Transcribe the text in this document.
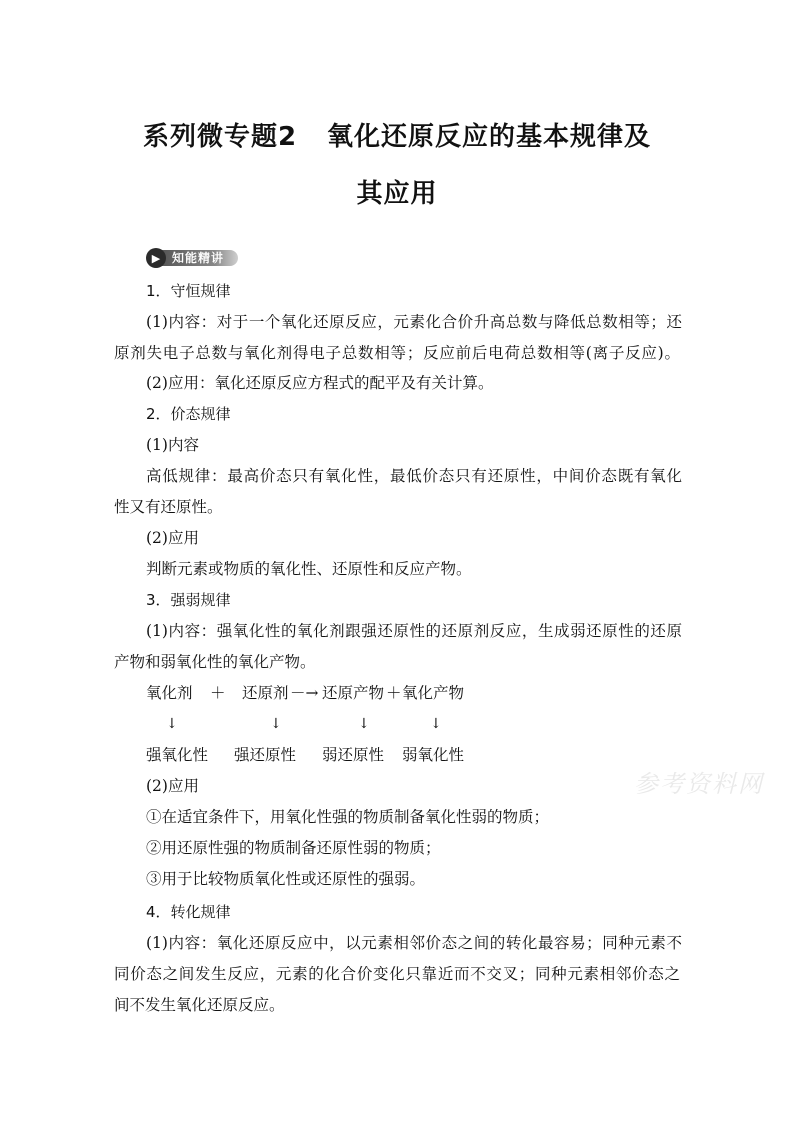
系列微专题2 氧化还原反应的基本规律及
其应用
▶ 知能精讲
1．守恒规律
(1)内容：对于一个氧化还原反应，元素化合价升高总数与降低总数相等；还
原剂失电子总数与氧化剂得电子总数相等；反应前后电荷总数相等(离子反应)。
(2)应用：氧化还原反应方程式的配平及有关计算。
2．价态规律
(1)内容
高低规律：最高价态只有氧化性，最低价态只有还原性，中间价态既有氧化
性又有还原性。
(2)应用
判断元素或物质的氧化性、还原性和反应产物。
3．强弱规律
(1)内容：强氧化性的氧化剂跟强还原性的还原剂反应，生成弱还原性的还原
产物和弱氧化性的氧化产物。
氧化剂 ＋ 还原剂 －→ 还原产物 ＋ 氧化产物
↓	↓	↓	↓
强氧化性 强还原性 弱还原性 弱氧化性
(2)应用
①在适宜条件下，用氧化性强的物质制备氧化性弱的物质；
②用还原性强的物质制备还原性弱的物质；
③用于比较物质氧化性或还原性的强弱。
4．转化规律
(1)内容：氧化还原反应中，以元素相邻价态之间的转化最容易；同种元素不
同价态之间发生反应，元素的化合价变化只靠近而不交叉；同种元素相邻价态之
间不发生氧化还原反应。
参考资料网
